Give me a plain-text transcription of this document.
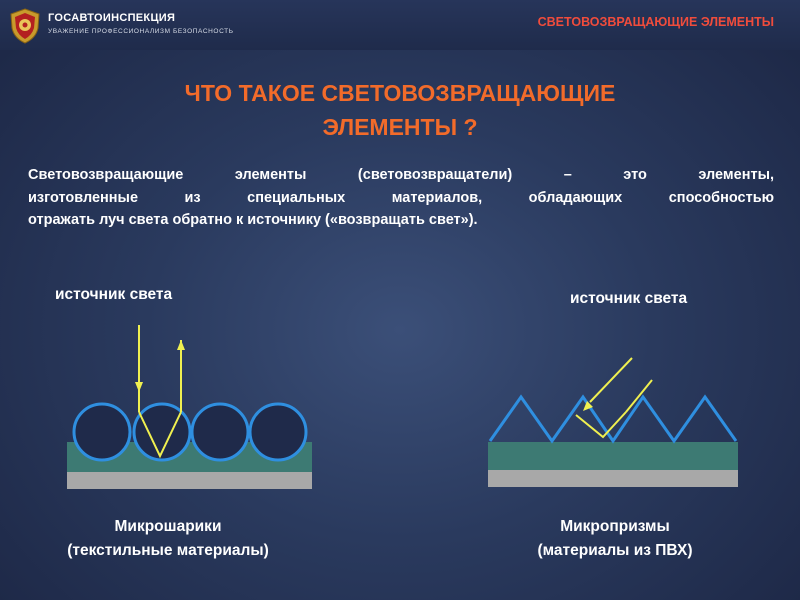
ГОСАВТОИНСПЕКЦИЯ
УВАЖЕНИЕ ПРОФЕССИОНАЛИЗМ БЕЗОПАСНОСТЬ
СВЕТОВОЗВРАЩАЮЩИЕ ЭЛЕМЕНТЫ
ЧТО ТАКОЕ СВЕТОВОЗВРАЩАЮЩИЕ
ЭЛЕМЕНТЫ ?
Световозвращающие элементы (световозвращатели) – это элементы,
изготовленные из специальных материалов, обладающих способностью
отражать луч света обратно к источнику («возвращать свет»).
источник света	источник света
Микрошарики
(текстильные материалы)
Микропризмы
(материалы из ПВХ)
